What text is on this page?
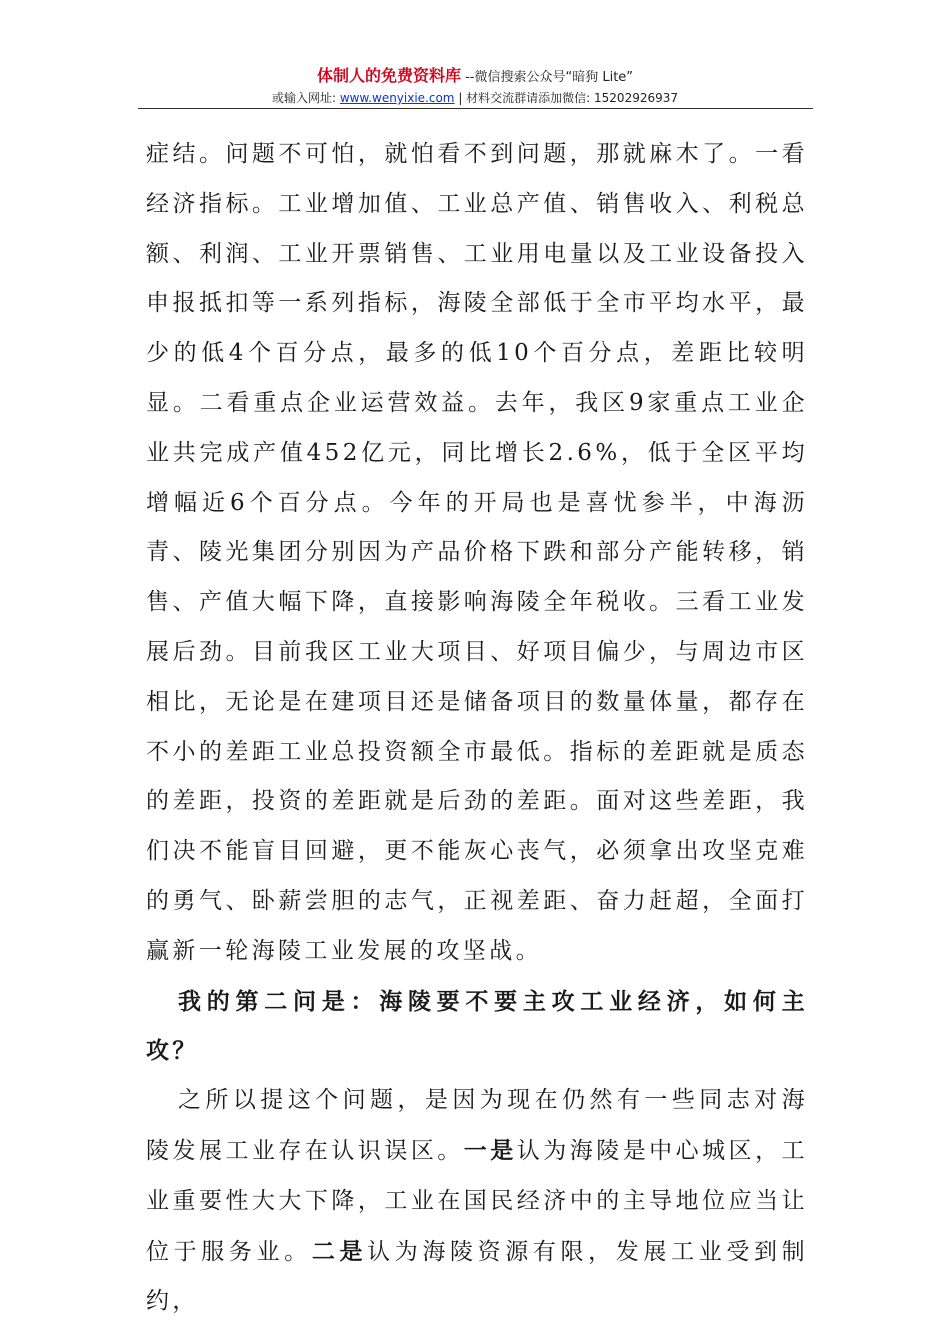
体制人的免费资料库 --微信搜索公众号“暗狗 Lite”
或输入网址: www.wenyixie.com | 材料交流群请添加微信: 15202926937

症结。问题不可怕，就怕看不到问题，那就麻木了。一看经济指标。工业增加值、工业总产值、销售收入、利税总额、利润、工业开票销售、工业用电量以及工业设备投入申报抵扣等一系列指标，海陵全部低于全市平均水平，最少的低4个百分点，最多的低10个百分点，差距比较明显。二看重点企业运营效益。去年，我区9家重点工业企业共完成产值452亿元，同比增长2.6%，低于全区平均增幅近6个百分点。今年的开局也是喜忧参半，中海沥青、陵光集团分别因为产品价格下跌和部分产能转移，销售、产值大幅下降，直接影响海陵全年税收。三看工业发展后劲。目前我区工业大项目、好项目偏少，与周边市区相比，无论是在建项目还是储备项目的数量体量，都存在不小的差距工业总投资额全市最低。指标的差距就是质态的差距，投资的差距就是后劲的差距。面对这些差距，我们决不能盲目回避，更不能灰心丧气，必须拿出攻坚克难的勇气、卧薪尝胆的志气，正视差距、奋力赶超，全面打赢新一轮海陵工业发展的攻坚战。

我的第二问是：海陵要不要主攻工业经济，如何主攻？

之所以提这个问题，是因为现在仍然有一些同志对海陵发展工业存在认识误区。一是认为海陵是中心城区，工业重要性大大下降，工业在国民经济中的主导地位应当让位于服务业。二是认为海陵资源有限，发展工业受到制约，
